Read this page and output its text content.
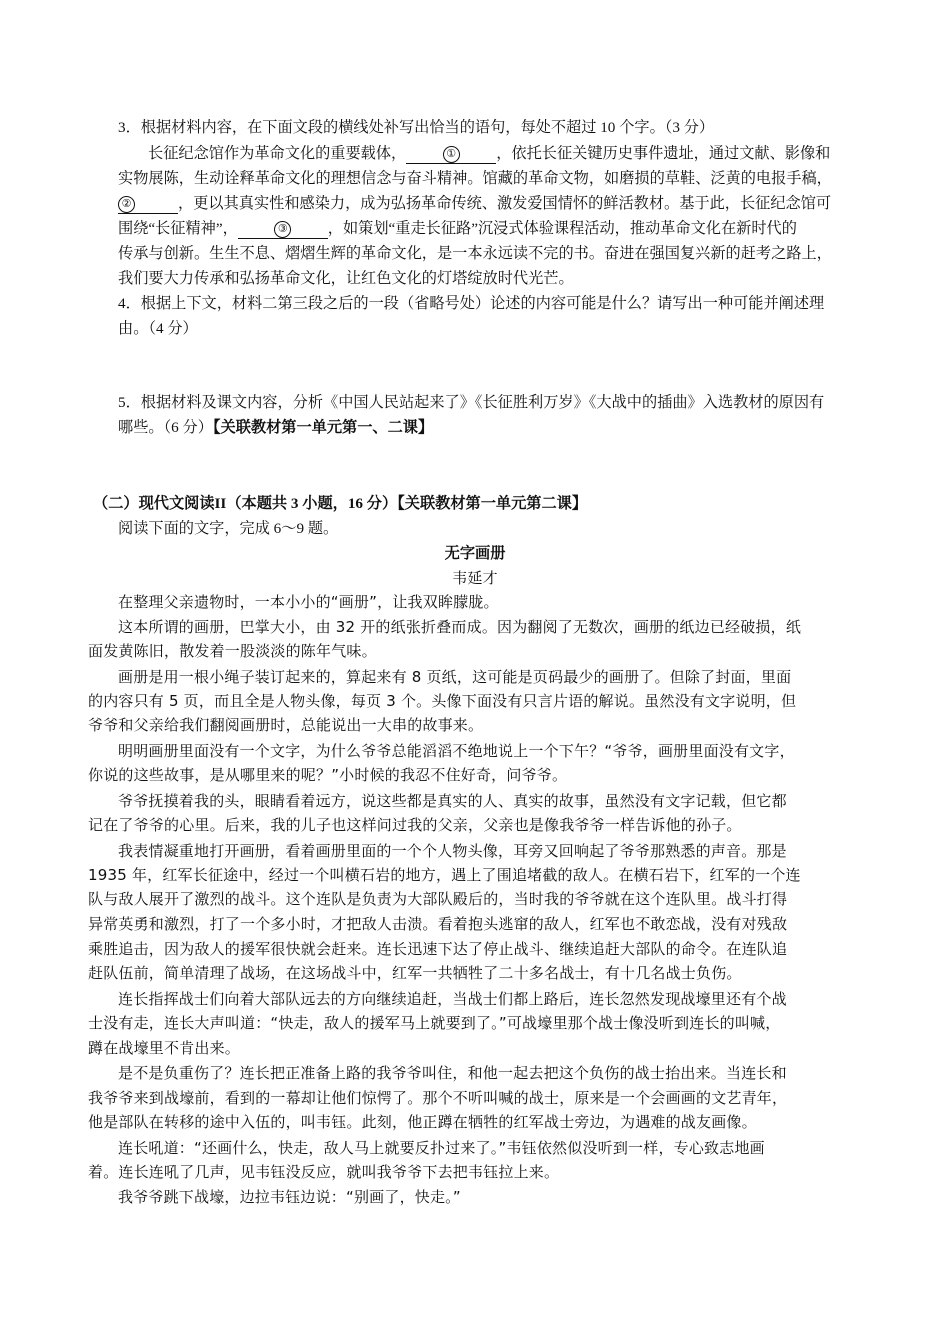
3．根据材料内容，在下面文段的横线处补写出恰当的语句，每处不超过 10 个字。（3 分）
长征纪念馆作为革命文化的重要载体，	①	，依托长征关键历史事件遗址，通过文献、影像和
实物展陈，生动诠释革命文化的理想信念与奋斗精神。馆藏的革命文物，如磨损的草鞋、泛黄的电报手稿，
②	，更以其真实性和感染力，成为弘扬革命传统、激发爱国情怀的鲜活教材。基于此，长征纪念馆可
围绕“长征精神”，	③	，如策划“重走长征路”沉浸式体验课程活动，推动革命文化在新时代的
传承与创新。生生不息、熠熠生辉的革命文化，是一本永远读不完的书。奋进在强国复兴新的赶考之路上，
我们要大力传承和弘扬革命文化，让红色文化的灯塔绽放时代光芒。
4．根据上下文，材料二第三段之后的一段（省略号处）论述的内容可能是什么？请写出一种可能并阐述理
由。（4 分）
5．根据材料及课文内容，分析《中国人民站起来了》《长征胜利万岁》《大战中的插曲》入选教材的原因有
哪些。（6 分）【关联教材第一单元第一、二课】
（二）现代文阅读II（本题共 3 小题，16 分）【关联教材第一单元第二课】
阅读下面的文字，完成 6～9 题。
无字画册
韦延才
在整理父亲遗物时，一本小小的“画册”，让我双眸朦胧。
这本所谓的画册，巴掌大小，由 32 开的纸张折叠而成。因为翻阅了无数次，画册的纸边已经破损，纸
面发黄陈旧，散发着一股淡淡的陈年气味。
画册是用一根小绳子装订起来的，算起来有 8 页纸，这可能是页码最少的画册了。但除了封面，里面
的内容只有 5 页，而且全是人物头像，每页 3 个。头像下面没有只言片语的解说。虽然没有文字说明，但
爷爷和父亲给我们翻阅画册时，总能说出一大串的故事来。
明明画册里面没有一个文字，为什么爷爷总能滔滔不绝地说上一个下午？“爷爷，画册里面没有文字，
你说的这些故事，是从哪里来的呢？”小时候的我忍不住好奇，问爷爷。
爷爷抚摸着我的头，眼睛看着远方，说这些都是真实的人、真实的故事，虽然没有文字记载，但它都
记在了爷爷的心里。后来，我的儿子也这样问过我的父亲，父亲也是像我爷爷一样告诉他的孙子。
我表情凝重地打开画册，看着画册里面的一个个人物头像，耳旁又回响起了爷爷那熟悉的声音。那是
1935 年，红军长征途中，经过一个叫横石岩的地方，遇上了围追堵截的敌人。在横石岩下，红军的一个连
队与敌人展开了激烈的战斗。这个连队是负责为大部队殿后的，当时我的爷爷就在这个连队里。战斗打得
异常英勇和激烈，打了一个多小时，才把敌人击溃。看着抱头逃窜的敌人，红军也不敢恋战，没有对残敌
乘胜追击，因为敌人的援军很快就会赶来。连长迅速下达了停止战斗、继续追赶大部队的命令。在连队追
赶队伍前，简单清理了战场，在这场战斗中，红军一共牺牲了二十多名战士，有十几名战士负伤。
连长指挥战士们向着大部队远去的方向继续追赶，当战士们都上路后，连长忽然发现战壕里还有个战
士没有走，连长大声叫道：“快走，敌人的援军马上就要到了。”可战壕里那个战士像没听到连长的叫喊，
蹲在战壕里不肯出来。
是不是负重伤了？连长把正准备上路的我爷爷叫住，和他一起去把这个负伤的战士抬出来。当连长和
我爷爷来到战壕前，看到的一幕却让他们惊愕了。那个不听叫喊的战士，原来是一个会画画的文艺青年，
他是部队在转移的途中入伍的，叫韦钰。此刻，他正蹲在牺牲的红军战士旁边，为遇难的战友画像。
连长吼道：“还画什么，快走，敌人马上就要反扑过来了。”韦钰依然似没听到一样，专心致志地画
着。连长连吼了几声，见韦钰没反应，就叫我爷爷下去把韦钰拉上来。
我爷爷跳下战壕，边拉韦钰边说：“别画了，快走。”
